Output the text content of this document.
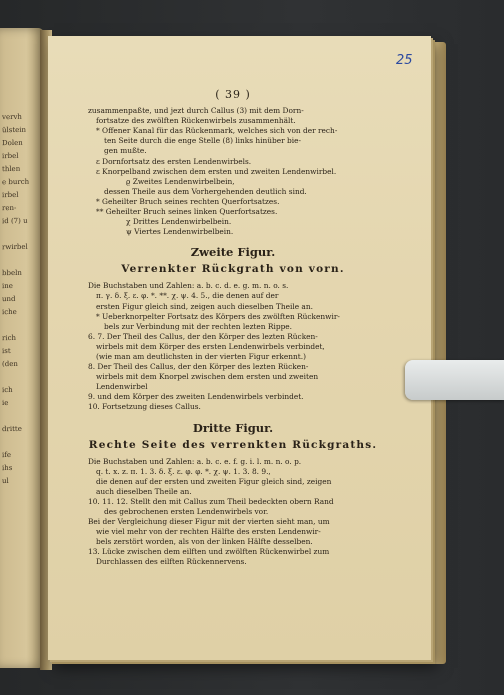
vervh
ülstein
Dolen
irbel
thlen
e burch
irbel
ren-
id (7) u
rwirbel
bbeln
ine
und
iche
rich
ist
(den
ich
ie
dritte
ife
ihs
ul
25
( 39 )
zusammenpaßte, und jezt durch Callus (3) mit dem Dorn-
fortsatze des zwölften Rückenwirbels zusammenhält.
* Offener Kanal für das Rückenmark, welches sich von der rech-
ten Seite durch die enge Stelle (8) links hinüber bie-
gen mußte.
ε Dornfortsatz des ersten Lendenwirbels.
ε Knorpelband zwischen dem ersten und zweiten Lendenwirbel.
ϱ Zweites Lendenwirbelbein,
dessen Theile aus dem Vorhergehenden deutlich sind.
* Geheilter Bruch seines rechten Querfortsatzes.
** Geheilter Bruch seines linken Querfortsatzes.
χ Drittes Lendenwirbelbein.
ψ Viertes Lendenwirbelbein.
Zweite Figur.
Verrenkter Rückgrath von vorn.
Die Buchstaben und Zahlen: a. b. c. d. e. g. m. n. o. s.
π. γ. δ. ξ. ε. φ. *. **. χ. ψ. 4. 5., die denen auf der
ersten Figur gleich sind, zeigen auch dieselben Theile an.
* Ueberknorpelter Fortsatz des Körpers des zwölften Rückenwir-
bels zur Verbindung mit der rechten lezten Rippe.
6. 7. Der Theil des Callus, der den Körper des lezten Rücken-
wirbels mit dem Körper des ersten Lendenwirbels verbindet,
(wie man am deutlichsten in der vierten Figur erkennt.)
8. Der Theil des Callus, der den Körper des lezten Rücken-
wirbels mit dem Knorpel zwischen dem ersten und zweiten
Lendenwirbel
9. und dem Körper des zweiten Lendenwirbels verbindet.
10. Fortsetzung dieses Callus.
Dritte Figur.
Rechte Seite des verrenkten Rückgraths.
Die Buchstaben und Zahlen: a. b. c. e. f. g. i. l. m. n. o. p.
q. t. x. z. π. 1. 3. δ. ξ. ε. φ. φ. *. χ. ψ. 1. 3. 8. 9.,
die denen auf der ersten und zweiten Figur gleich sind, zeigen
auch dieselben Theile an.
10. 11. 12. Stellt den mit Callus zum Theil bedeckten obern Rand
des gebrochenen ersten Lendenwirbels vor.
Bei der Vergleichung dieser Figur mit der vierten sieht man, um
wie viel mehr von der rechten Hälfte des ersten Lendenwir-
bels zerstört worden, als von der linken Hälfte desselben.
13. Lücke zwischen dem eilften und zwölften Rückenwirbel zum
Durchlassen des eilften Rückennervens.
